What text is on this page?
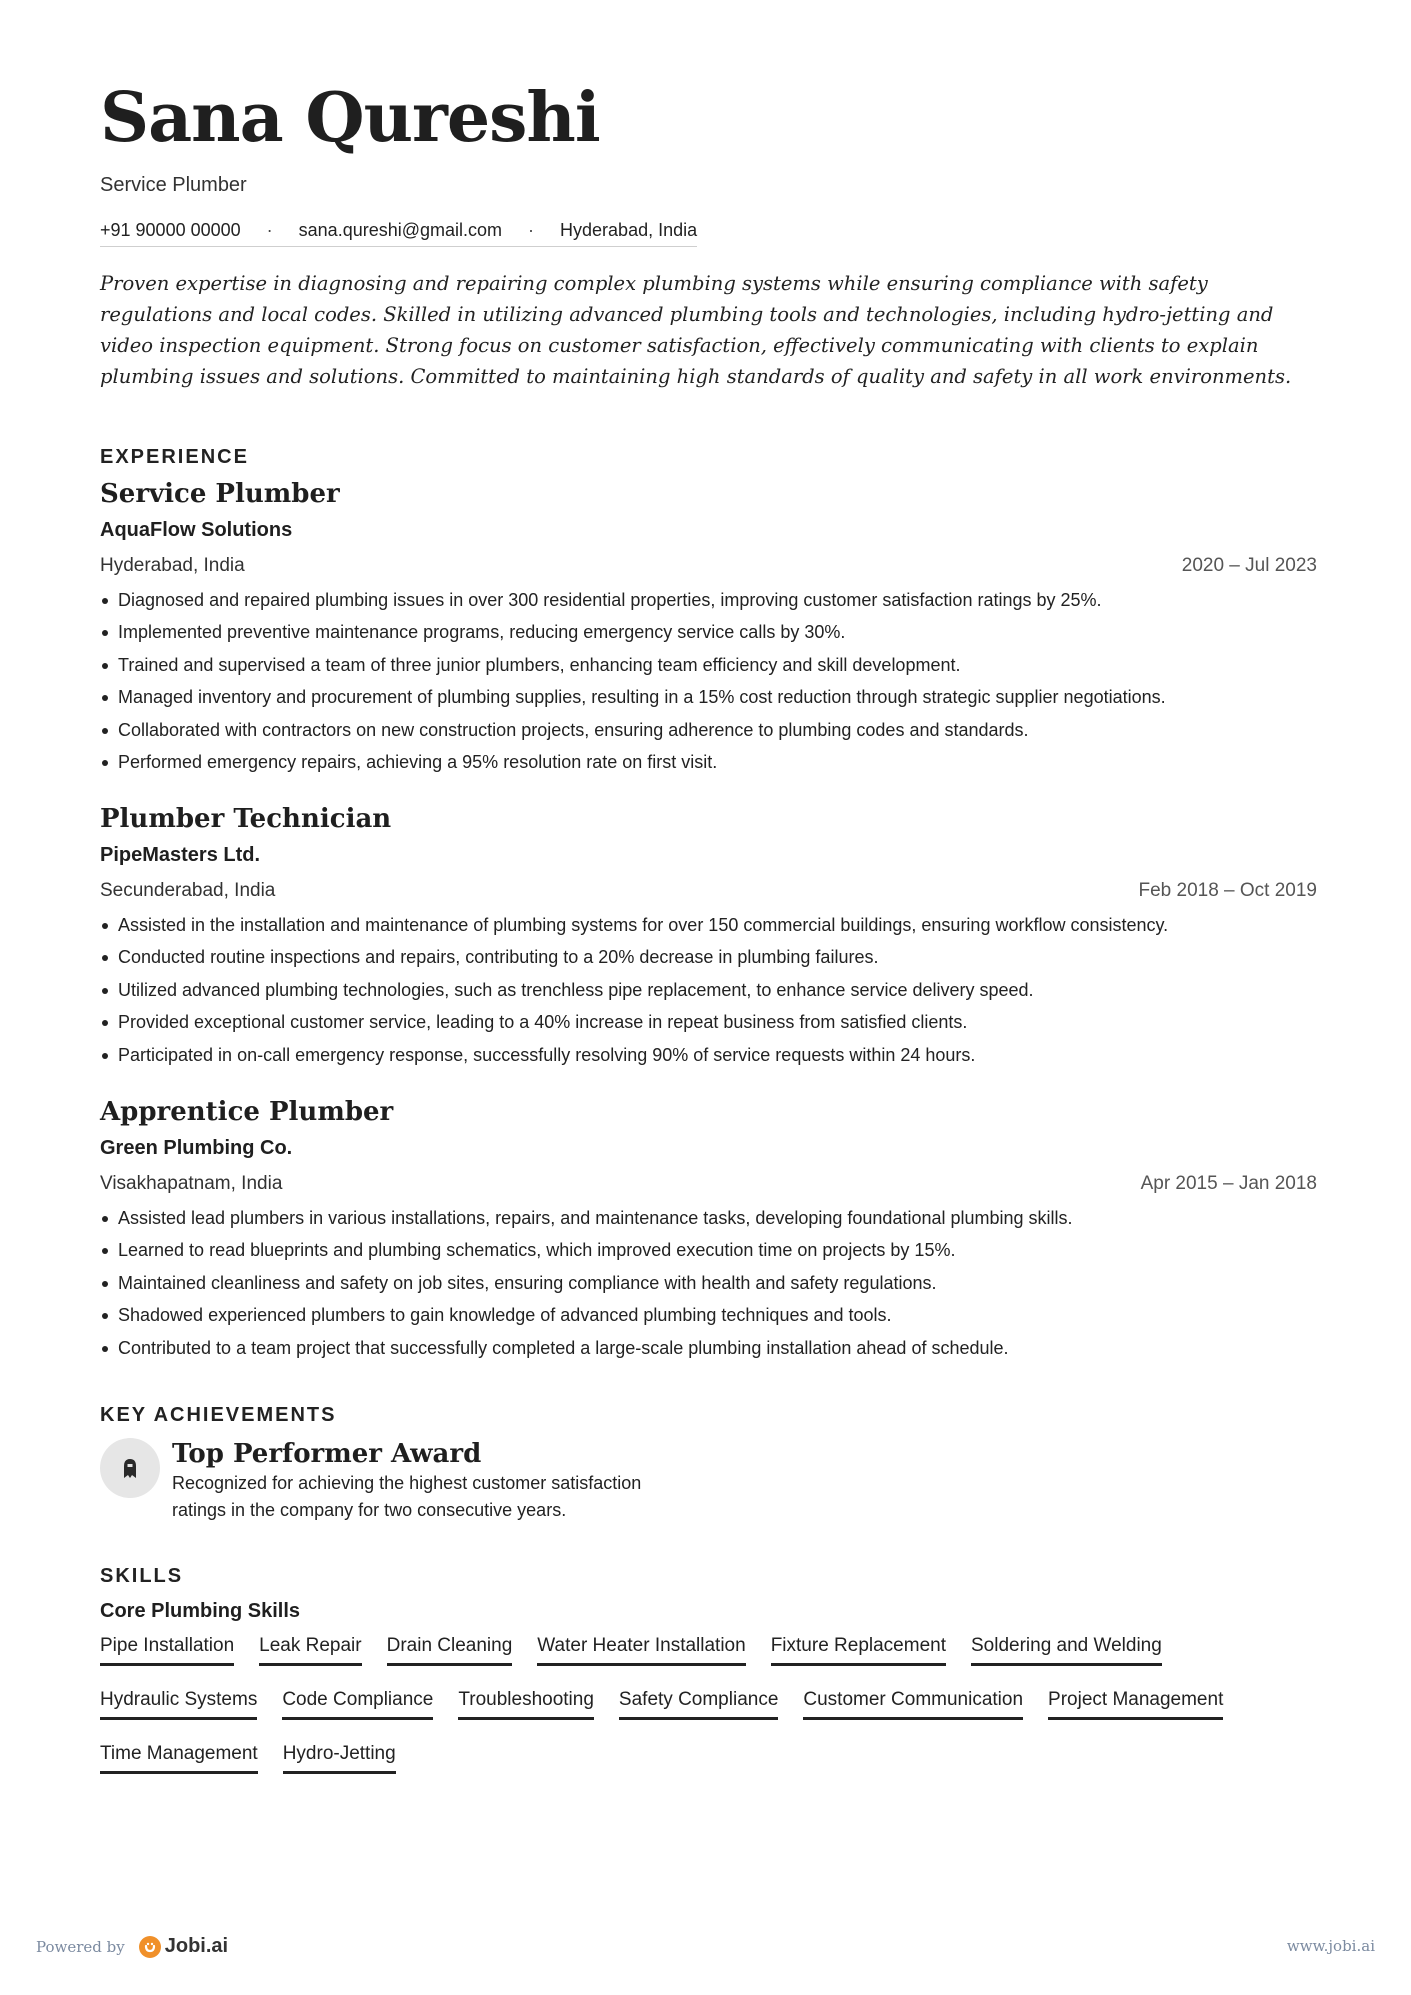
Sana Qureshi
Service Plumber
+91 90000 00000 · sana.qureshi@gmail.com · Hyderabad, India
Proven expertise in diagnosing and repairing complex plumbing systems while ensuring compliance with safety regulations and local codes. Skilled in utilizing advanced plumbing tools and technologies, including hydro-jetting and video inspection equipment. Strong focus on customer satisfaction, effectively communicating with clients to explain plumbing issues and solutions. Committed to maintaining high standards of quality and safety in all work environments.
EXPERIENCE
Service Plumber
AquaFlow Solutions
Hyderabad, India	2020 – Jul 2023
Diagnosed and repaired plumbing issues in over 300 residential properties, improving customer satisfaction ratings by 25%.
Implemented preventive maintenance programs, reducing emergency service calls by 30%.
Trained and supervised a team of three junior plumbers, enhancing team efficiency and skill development.
Managed inventory and procurement of plumbing supplies, resulting in a 15% cost reduction through strategic supplier negotiations.
Collaborated with contractors on new construction projects, ensuring adherence to plumbing codes and standards.
Performed emergency repairs, achieving a 95% resolution rate on first visit.
Plumber Technician
PipeMasters Ltd.
Secunderabad, India	Feb 2018 – Oct 2019
Assisted in the installation and maintenance of plumbing systems for over 150 commercial buildings, ensuring workflow consistency.
Conducted routine inspections and repairs, contributing to a 20% decrease in plumbing failures.
Utilized advanced plumbing technologies, such as trenchless pipe replacement, to enhance service delivery speed.
Provided exceptional customer service, leading to a 40% increase in repeat business from satisfied clients.
Participated in on-call emergency response, successfully resolving 90% of service requests within 24 hours.
Apprentice Plumber
Green Plumbing Co.
Visakhapatnam, India	Apr 2015 – Jan 2018
Assisted lead plumbers in various installations, repairs, and maintenance tasks, developing foundational plumbing skills.
Learned to read blueprints and plumbing schematics, which improved execution time on projects by 15%.
Maintained cleanliness and safety on job sites, ensuring compliance with health and safety regulations.
Shadowed experienced plumbers to gain knowledge of advanced plumbing techniques and tools.
Contributed to a team project that successfully completed a large-scale plumbing installation ahead of schedule.
KEY ACHIEVEMENTS
Top Performer Award
Recognized for achieving the highest customer satisfaction ratings in the company for two consecutive years.
SKILLS
Core Plumbing Skills
Pipe Installation Leak Repair Drain Cleaning Water Heater Installation Fixture Replacement Soldering and Welding
Hydraulic Systems Code Compliance Troubleshooting Safety Compliance Customer Communication Project Management
Time Management Hydro-Jetting
Powered by Jobi.ai	www.jobi.ai
